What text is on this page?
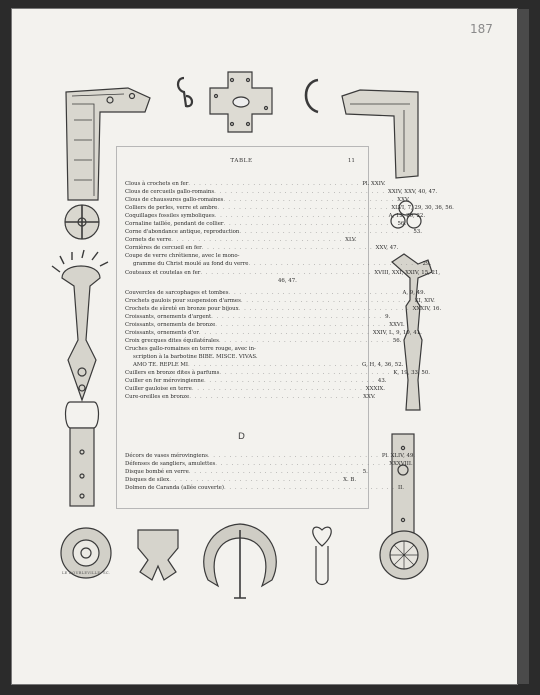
187
TABLE	11
Clous à crochets en fer . . . . . . . . . . . . . . . . . . . . . . . . . . . . . . . . Pl. XXIV.
Clous de cercueils gallo-romains . . . . . . . . . . . . . . . . . . . . . . . . . . . . . . . . XXIV, XXV, 40, 47.
Clous de chaussures gallo-romaines . . . . . . . . . . . . . . . . . . . . . . . . . . . . . . . . XXV.
Colliers de perles, verre et ambre . . . . . . . . . . . . . . . . . . . . . . . . . . . . . . . . XLVI, 7, 29, 30, 36, 56.
Coquillages fossiles symboliques . . . . . . . . . . . . . . . . . . . . . . . . . . . . . . . . A, 13, 20, 22.
Cornaline taillée, pendant de collier . . . . . . . . . . . . . . . . . . . . . . . . . . . . . . . . 56.
Corne d'abondance antique, reproduction . . . . . . . . . . . . . . . . . . . . . . . . . . . . . . . . 53.
Cornets de verre . . . . . . . . . . . . . . . . . . . . . . . . . . . . . . . . XLV.
Cornières de cercueil en fer . . . . . . . . . . . . . . . . . . . . . . . . . . . . . . . . XXV, 47.
Coupe de verre chrétienne, avec le mono-
gramme du Christ moulé au fond du verre . . . . . . . . . . . . . . . . . . . . . . . . . . . . . . . . 29.
Couteaux et coutelas en fer . . . . . . . . . . . . . . . . . . . . . . . . . . . . . . . . XVIII, XXI, XXIV, 15, 21,
46, 47.
Couvercles de sarcophages et tombes . . . . . . . . . . . . . . . . . . . . . . . . . . . . . . . . A, 9, 49.
Crochets gaulois pour suspension d'armes . . . . . . . . . . . . . . . . . . . . . . . . . . . . . . . . XI, XIV.
Crochets de sûreté en bronze pour bijoux . . . . . . . . . . . . . . . . . . . . . . . . . . . . . . . . XXXIV, 16.
Croissants, ornements d'argent . . . . . . . . . . . . . . . . . . . . . . . . . . . . . . . . 9.
Croissants, ornements de bronze . . . . . . . . . . . . . . . . . . . . . . . . . . . . . . . . XXVI.
Croissants, ornements d'or . . . . . . . . . . . . . . . . . . . . . . . . . . . . . . . . XXIV, L, 9, 19, 41.
Croix grecques dites équilatérales . . . . . . . . . . . . . . . . . . . . . . . . . . . . . . . . 56.
Cruches gallo-romaines en terre rouge, avec in-
scription à la barbotine BIBE. MISCE. VIVAS.
AMO TE. REPLE MI . . . . . . . . . . . . . . . . . . . . . . . . . . . . . . . . G, H, 4, 36, 52.
Cuillers en bronze dites à parfums . . . . . . . . . . . . . . . . . . . . . . . . . . . . . . . . K, 19, 33, 50.
Cuiller en fer mérovingienne . . . . . . . . . . . . . . . . . . . . . . . . . . . . . . . . 43.
Cuiller gauloise en terre . . . . . . . . . . . . . . . . . . . . . . . . . . . . . . . . XXXIX.
Cure-oreilles en bronze . . . . . . . . . . . . . . . . . . . . . . . . . . . . . . . . XXV.
D
Décors de vases mérovingiens . . . . . . . . . . . . . . . . . . . . . . . . . . . . . . . . Pl. XLIV, 49.
Défenses de sangliers, amulettes . . . . . . . . . . . . . . . . . . . . . . . . . . . . . . . . XXXVIII.
Disque bombé en verre . . . . . . . . . . . . . . . . . . . . . . . . . . . . . . . . 5.
Disques de silex . . . . . . . . . . . . . . . . . . . . . . . . . . . . . . . . X. B.
Dolmen de Caranda (allée couverte) . . . . . . . . . . . . . . . . . . . . . . . . . . . . . . . . II.
LE DOUBLEVILLE. SC.
